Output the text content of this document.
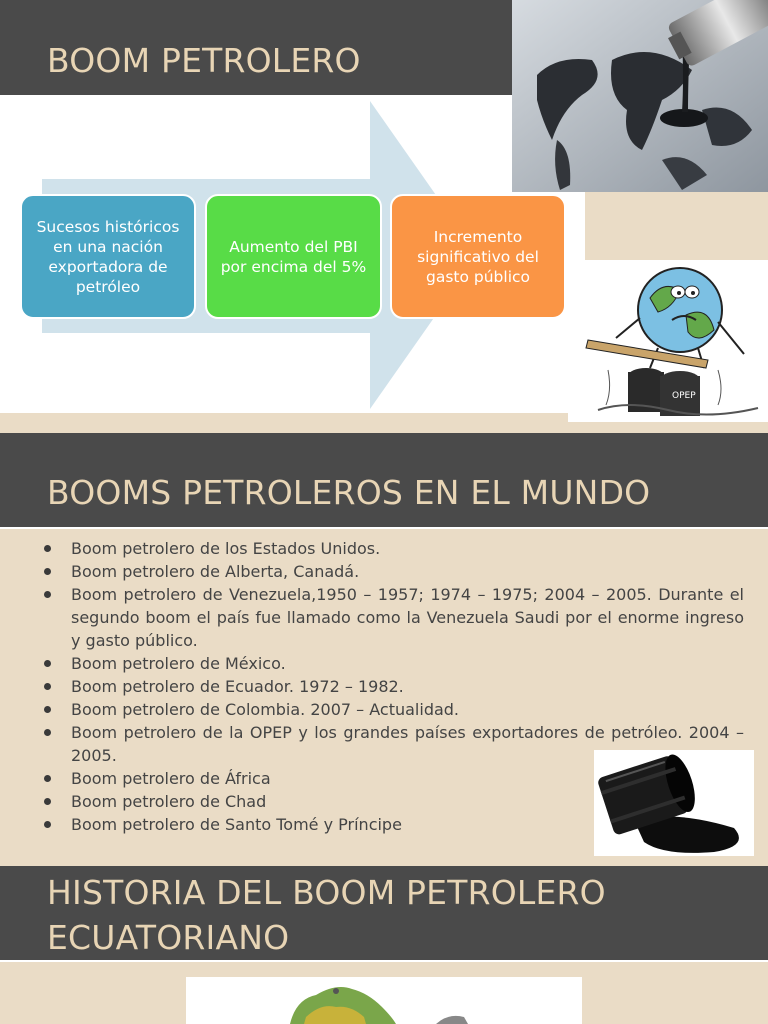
BOOM PETROLERO
Sucesos históricos en una nación exportadora de petróleo
Aumento del PBI por encima del 5%
Incremento significativo del gasto público
OPEP
BOOMS PETROLEROS EN EL MUNDO
Boom petrolero de los Estados Unidos.
Boom petrolero de Alberta, Canadá.
Boom petrolero de Venezuela,1950 – 1957; 1974 – 1975; 2004 – 2005. Durante el segundo boom el país fue llamado como la Venezuela Saudi por el enorme ingreso y gasto público.
Boom petrolero de México.
Boom petrolero de Ecuador. 1972 – 1982.
Boom petrolero de Colombia. 2007 – Actualidad.
Boom petrolero de la OPEP y los grandes países exportadores de petróleo. 2004 – 2005.
Boom petrolero de África
Boom petrolero de Chad
Boom petrolero de Santo Tomé y Príncipe
HISTORIA DEL BOOM PETROLERO
ECUATORIANO
